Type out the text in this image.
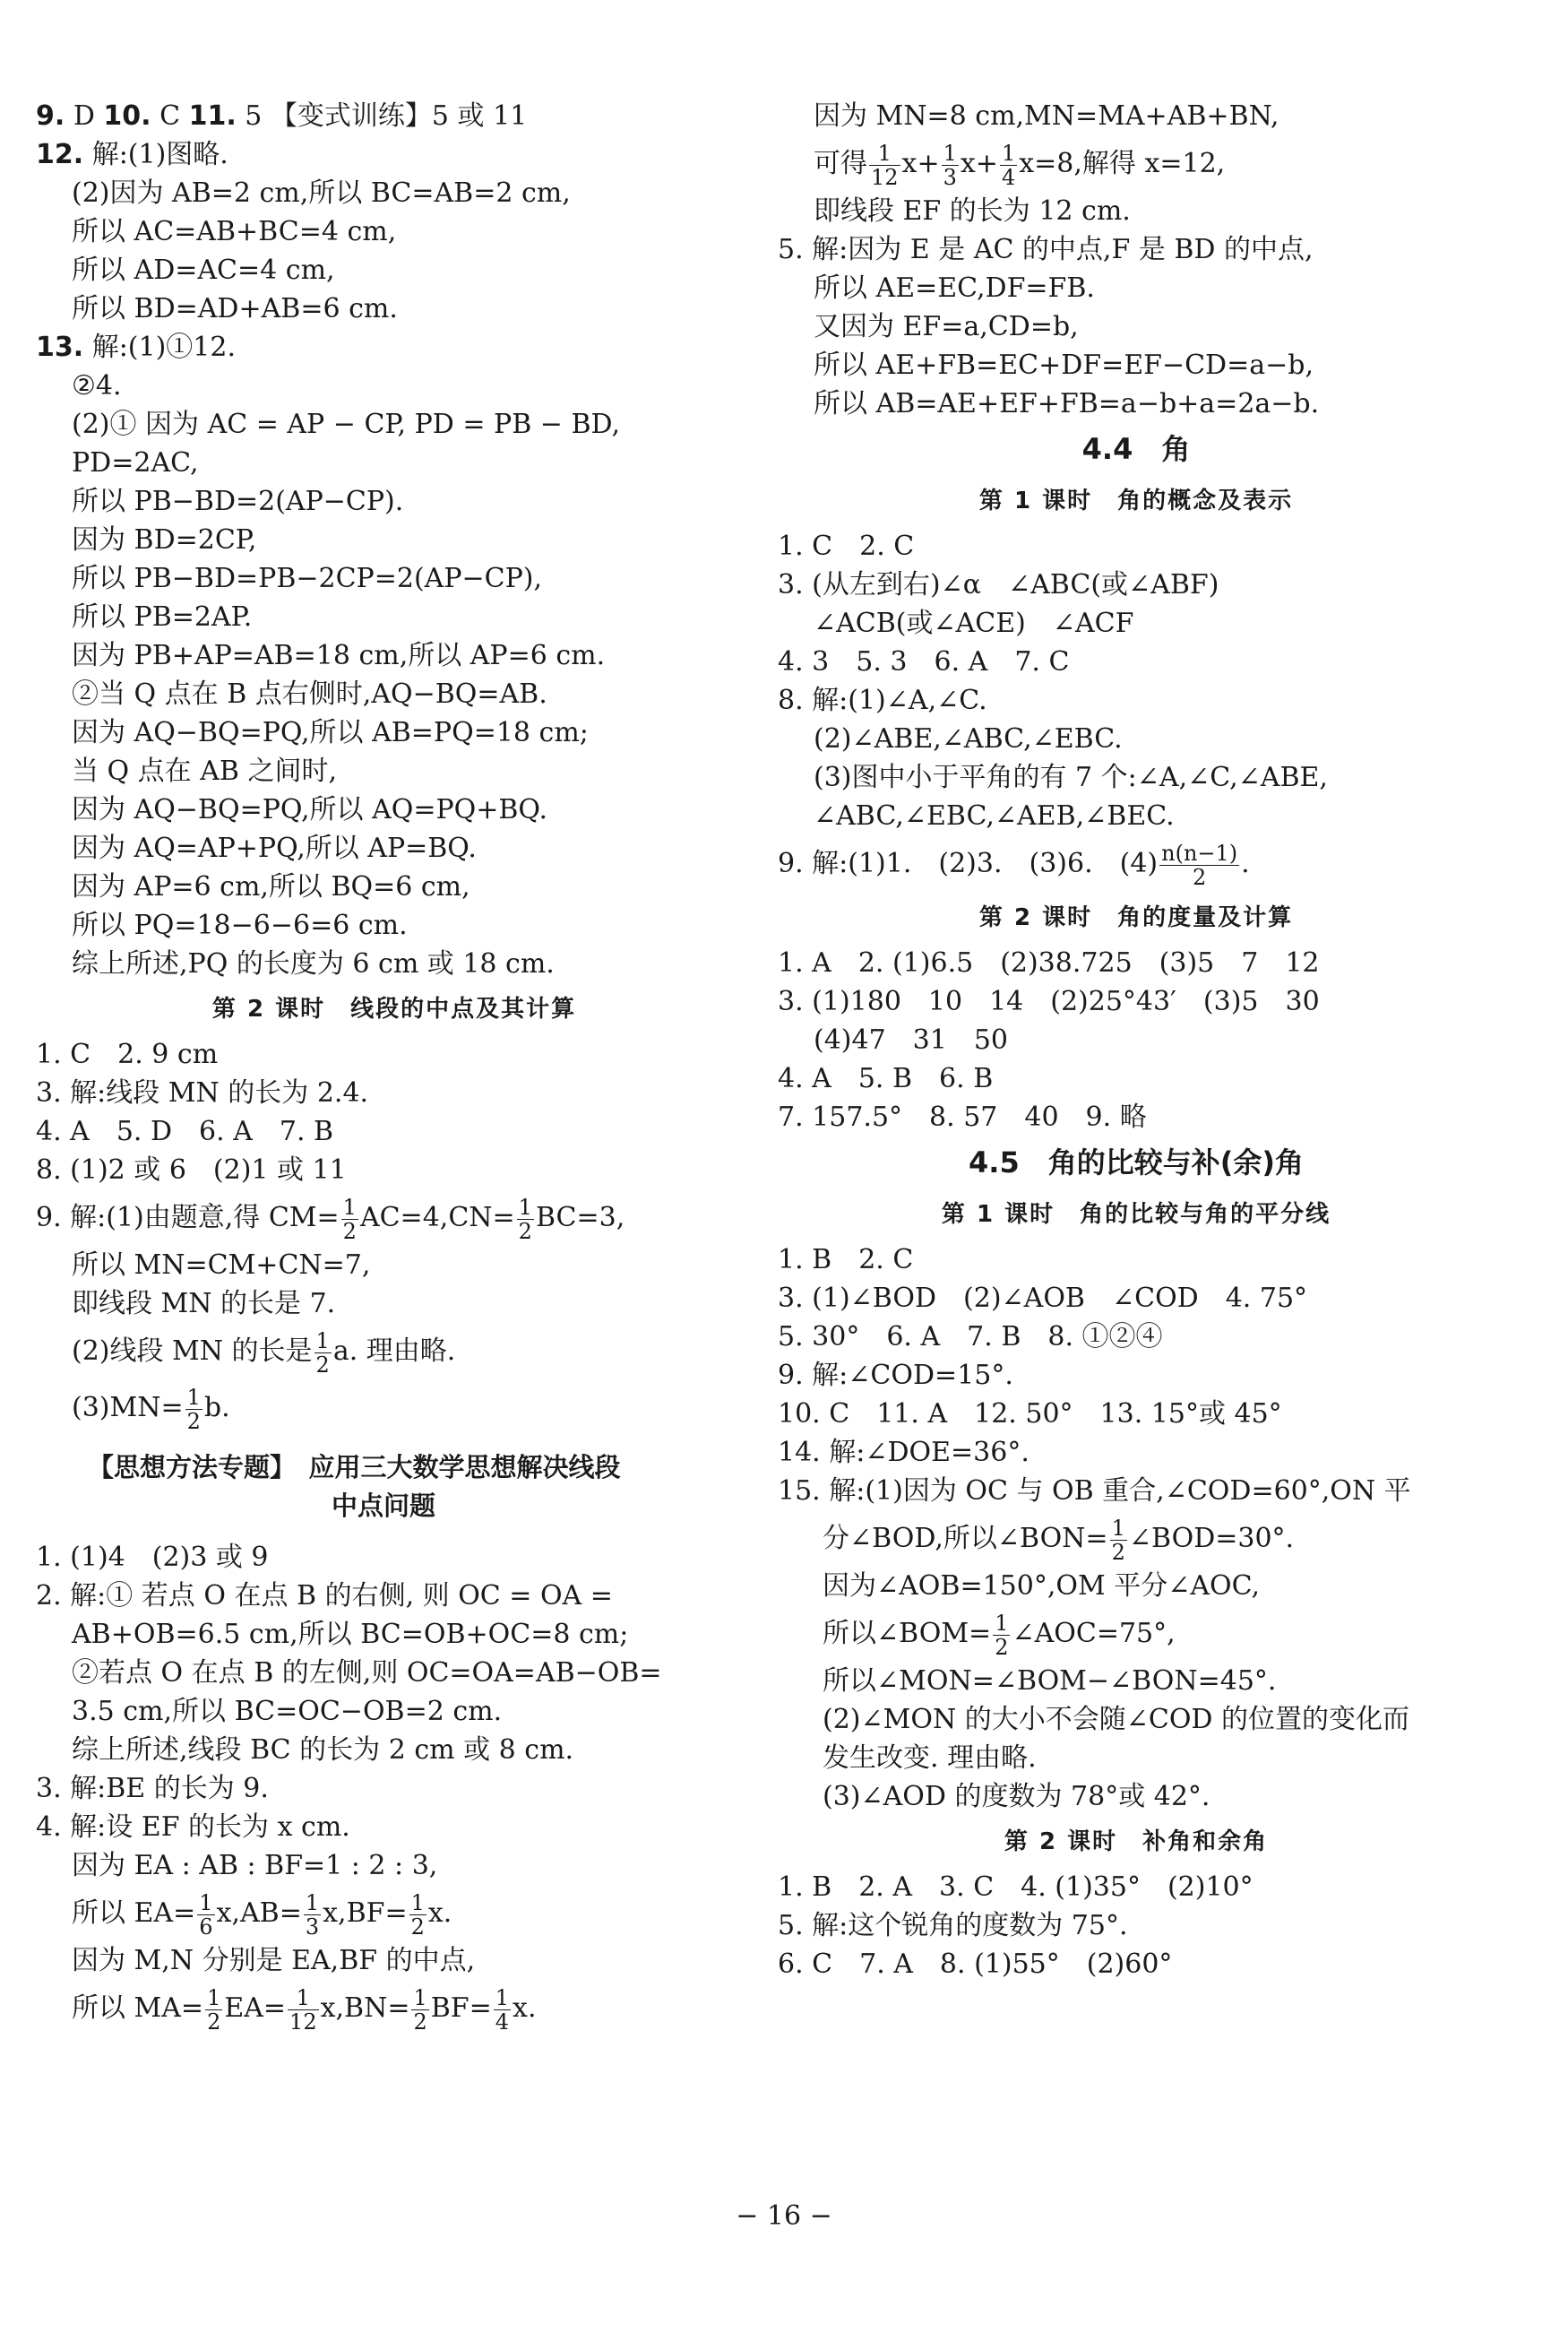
9. D 10. C 11. 5 【变式训练】5 或 11
12. 解:(1)图略.
(2)因为 AB=2 cm,所以 BC=AB=2 cm,
所以 AC=AB+BC=4 cm,
所以 AD=AC=4 cm,
所以 BD=AD+AB=6 cm.
13. 解:(1)①12.
②4.
(2)① 因为 AC = AP − CP, PD = PB − BD,
PD=2AC,
所以 PB−BD=2(AP−CP).
因为 BD=2CP,
所以 PB−BD=PB−2CP=2(AP−CP),
所以 PB=2AP.
因为 PB+AP=AB=18 cm,所以 AP=6 cm.
②当 Q 点在 B 点右侧时,AQ−BQ=AB.
因为 AQ−BQ=PQ,所以 AB=PQ=18 cm;
当 Q 点在 AB 之间时,
因为 AQ−BQ=PQ,所以 AQ=PQ+BQ.
因为 AQ=AP+PQ,所以 AP=BQ.
因为 AP=6 cm,所以 BQ=6 cm,
所以 PQ=18−6−6=6 cm.
综上所述,PQ 的长度为 6 cm 或 18 cm.
第 2 课时　线段的中点及其计算
1. C　2. 9 cm
3. 解:线段 MN 的长为 2.4.
4. A　5. D　6. A　7. B
8. (1)2 或 6　(2)1 或 11
9. 解:(1)由题意,得 $CM= \frac{1}{2} AC=4,CN= \frac{1}{2} BC=3$,
所以 MN=CM+CN=7,
即线段 MN 的长是 7.
(2)线段 MN 的长是 $\frac{1}{2} a$. 理由略.
$(3)MN= \frac{1}{2} b$.
【思想方法专题】　应用三大数学思想解决线段
中点问题
1. (1)4　(2)3 或 9
2. 解:① 若点 O 在点 B 的右侧, 则 OC = OA =
AB+OB=6.5 cm,所以 BC=OB+OC=8 cm;
②若点 O 在点 B 的左侧,则 OC=OA=AB−OB=
3.5 cm,所以 BC=OC−OB=2 cm.
综上所述,线段 BC 的长为 2 cm 或 8 cm.
3. 解:BE 的长为 9.
4. 解:设 EF 的长为 x cm.
因为 EA : AB : BF=1 : 2 : 3,
所以 $EA= \frac{1}{6} x,AB= \frac{1}{3} x,BF= \frac{1}{2} x$.
因为 M,N 分别是 EA,BF 的中点,
所以 $MA= \frac{1}{2} EA= \frac{1}{12} x,BN= \frac{1}{2} BF= \frac{1}{4} x$.
因为 MN=8 cm,MN=MA+AB+BN,
可得 $\frac{1}{12} x+ \frac{1}{3} x+ \frac{1}{4} x=8$,解得 x=12,
即线段 EF 的长为 12 cm.
5. 解:因为 E 是 AC 的中点,F 是 BD 的中点,
所以 AE=EC,DF=FB.
又因为 EF=a,CD=b,
所以 AE+FB=EC+DF=EF−CD=a−b,
所以 AB=AE+EF+FB=a−b+a=2a−b.
4.4　角
第 1 课时　角的概念及表示
1. C　2. C
3. (从左到右)∠α　∠ABC(或∠ABF)
∠ACB(或∠ACE)　∠ACF
4. 3　5. 3　6. A　7. C
8. 解:(1)∠A,∠C.
(2)∠ABE,∠ABC,∠EBC.
(3)图中小于平角的有 7 个:∠A,∠C,∠ABE,
∠ABC,∠EBC,∠AEB,∠BEC.
9. 解:(1)1.　(2)3.　(3)6.　$(4) \frac{n(n-1)}{2}$ .
第 2 课时　角的度量及计算
1. A　2. (1)6.5　(2)38.725　(3)5　7　12
3. (1)180　10　14　(2)25°43′　(3)5　30
(4)47　31　50
4. A　5. B　6. B
7. 157.5°　8. 57　40　9. 略
4.5　角的比较与补(余)角
第 1 课时　角的比较与角的平分线
1. B　2. C
3. (1)∠BOD　(2)∠AOB　∠COD　4. 75°
5. 30°　6. A　7. B　8. ①②④
9. 解:∠COD=15°.
10. C　11. A　12. 50°　13. 15°或 45°
14. 解:∠DOE=36°.
15. 解:(1)因为 OC 与 OB 重合,∠COD=60°,ON 平
分∠BOD,所以∠BON= $\frac{1}{2}$ ∠BOD=30°.
因为∠AOB=150°,OM 平分∠AOC,
所以∠BOM= $\frac{1}{2}$ ∠AOC=75°,
所以∠MON=∠BOM−∠BON=45°.
(2)∠MON 的大小不会随∠COD 的位置的变化而
发生改变. 理由略.
(3)∠AOD 的度数为 78°或 42°.
第 2 课时　补角和余角
1. B　2. A　3. C　4. (1)35°　(2)10°
5. 解:这个锐角的度数为 75°.
6. C　7. A　8. (1)55°　(2)60°
− 16 −
